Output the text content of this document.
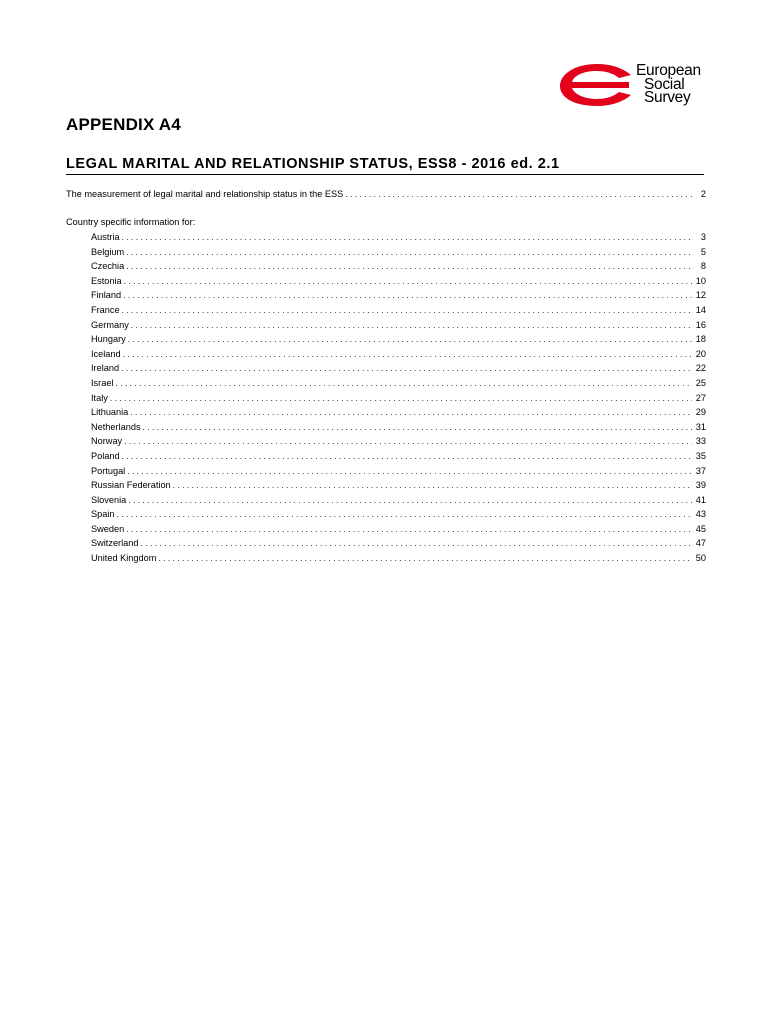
European
Social
Survey
APPENDIX A4
LEGAL MARITAL AND RELATIONSHIP STATUS, ESS8 - 2016 ed. 2.1
The measurement of legal marital and relationship status in the ESS . . .	2
Country specific information for:
Austria . . .	3
Belgium . . .	5
Czechia . . .	8
Estonia . . .	10
Finland . . .	12
France . . .	14
Germany . . .	16
Hungary . . .	18
Iceland . . .	20
Ireland . . .	22
Israel . . .	25
Italy . . .	27
Lithuania . . .	29
Netherlands . . .	31
Norway . . .	33
Poland . . .	35
Portugal . . .	37
Russian Federation . . .	39
Slovenia . . .	41
Spain . . .	43
Sweden . . .	45
Switzerland . . .	47
United Kingdom . . .	50
